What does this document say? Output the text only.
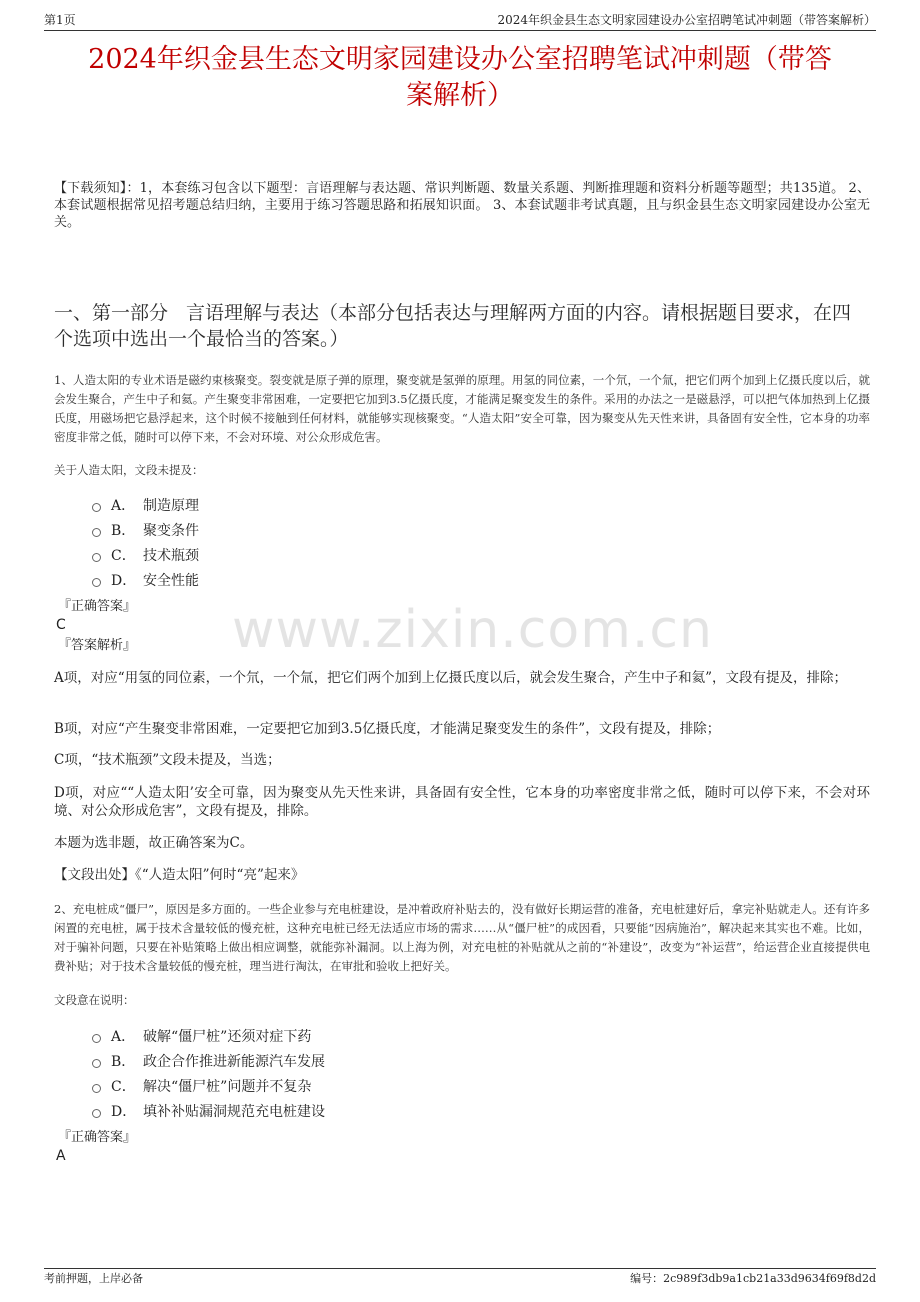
第1页	2024年织金县生态文明家园建设办公室招聘笔试冲刺题（带答案解析）
2024年织金县生态文明家园建设办公室招聘笔试冲刺题（带答
案解析）
【下载须知】：1，本套练习包含以下题型：言语理解与表达题、常识判断题、数量关系题、判断推理题和资料分析题等题型；共135道。 2、本套试题根据常见招考题总结归纳，主要用于练习答题思路和拓展知识面。 3、本套试题非考试真题，且与织金县生态文明家园建设办公室无关。
一、第一部分 言语理解与表达（本部分包括表达与理解两方面的内容。请根据题目要求，在四个选项中选出一个最恰当的答案。）
1、人造太阳的专业术语是磁约束核聚变。裂变就是原子弹的原理，聚变就是氢弹的原理。用氢的同位素，一个氘，一个氚，把它们两个加到上亿摄氏度以后，就会发生聚合，产生中子和氦。产生聚变非常困难，一定要把它加到3.5亿摄氏度，才能满足聚变发生的条件。采用的办法之一是磁悬浮，可以把气体加热到上亿摄氏度，用磁场把它悬浮起来，这个时候不接触到任何材料，就能够实现核聚变。“人造太阳”安全可靠，因为聚变从先天性来讲，具备固有安全性，它本身的功率密度非常之低，随时可以停下来，不会对环境、对公众形成危害。
关于人造太阳，文段未提及：
A． 制造原理
B． 聚变条件
C． 技术瓶颈
D． 安全性能
『正确答案』
C
『答案解析』
A项，对应“用氢的同位素，一个氘，一个氚，把它们两个加到上亿摄氏度以后，就会发生聚合，产生中子和氦”，文段有提及，排除；
B项，对应“产生聚变非常困难，一定要把它加到3.5亿摄氏度，才能满足聚变发生的条件”，文段有提及，排除；
C项，“技术瓶颈”文段未提及，当选；
D项，对应““人造太阳’安全可靠，因为聚变从先天性来讲，具备固有安全性，它本身的功率密度非常之低，随时可以停下来，不会对环境、对公众形成危害”，文段有提及，排除。
本题为选非题，故正确答案为C。
【文段出处】《“人造太阳”何时“亮”起来》
www.zixin.com.cn
2、充电桩成“僵尸”，原因是多方面的。一些企业参与充电桩建设，是冲着政府补贴去的，没有做好长期运营的准备，充电桩建好后，拿完补贴就走人。还有许多闲置的充电桩，属于技术含量较低的慢充桩，这种充电桩已经无法适应市场的需求……从“僵尸桩”的成因看，只要能“因病施治”，解决起来其实也不难。比如，对于骗补问题，只要在补贴策略上做出相应调整，就能弥补漏洞。以上海为例，对充电桩的补贴就从之前的“补建设”，改变为“补运营”，给运营企业直接提供电费补贴；对于技术含量较低的慢充桩，理当进行淘汰，在审批和验收上把好关。
文段意在说明：
A． 破解“僵尸桩”还须对症下药
B． 政企合作推进新能源汽车发展
C． 解决“僵尸桩”问题并不复杂
D． 填补补贴漏洞规范充电桩建设
『正确答案』
A
考前押题，上岸必备	编号：2c989f3db9a1cb21a33d9634f69f8d2d
